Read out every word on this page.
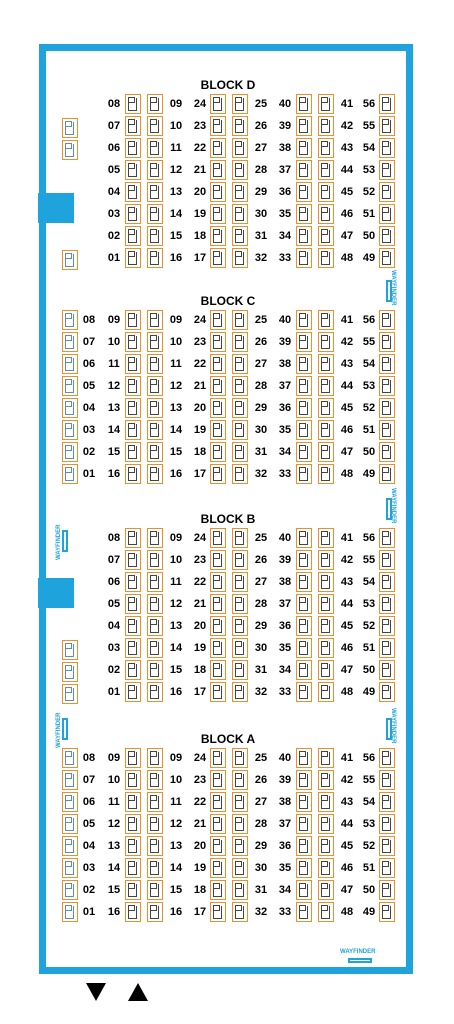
BLOCK D
08	09 24	25 40	41 56
07	10 23	26 39	42 55
06	11 22	27 38	43 54
05	12 21	28 37	44 53
04	13 20	29 36	45 52
03	14 19	30 35	46 51
02	15 18	31 34	47 50
01	16 17	32 33	48 49
BLOCK C
08 09	09 24	25 40	41 56
07 10	10 23	26 39	42 55
06 11	11 22	27 38	43 54
05 12	12 21	28 37	44 53
04 13	13 20	29 36	45 52
03 14	14 19	30 35	46 51
02 15	15 18	31 34	47 50
01 16	16 17	32 33	48 49
BLOCK B
08	09 24	25 40	41 56
07	10 23	26 39	42 55
06	11 22	27 38	43 54
05	12 21	28 37	44 53
04	13 20	29 36	45 52
03	14 19	30 35	46 51
02	15 18	31 34	47 50
01	16 17	32 33	48 49
BLOCK A
08 09	09 24	25 40	41 56
07 10	10 23	26 39	42 55
06 11	11 22	27 38	43 54
05 12	12 21	28 37	44 53
04 13	13 20	29 36	45 52
03 14	14 19	30 35	46 51
02 15	15 18	31 34	47 50
01 16	16 17	32 33	48 49
WAYFINDER
WAYFINDER
WAYFINDER
WAYFINDER	WAYFINDER
WAYFINDER
